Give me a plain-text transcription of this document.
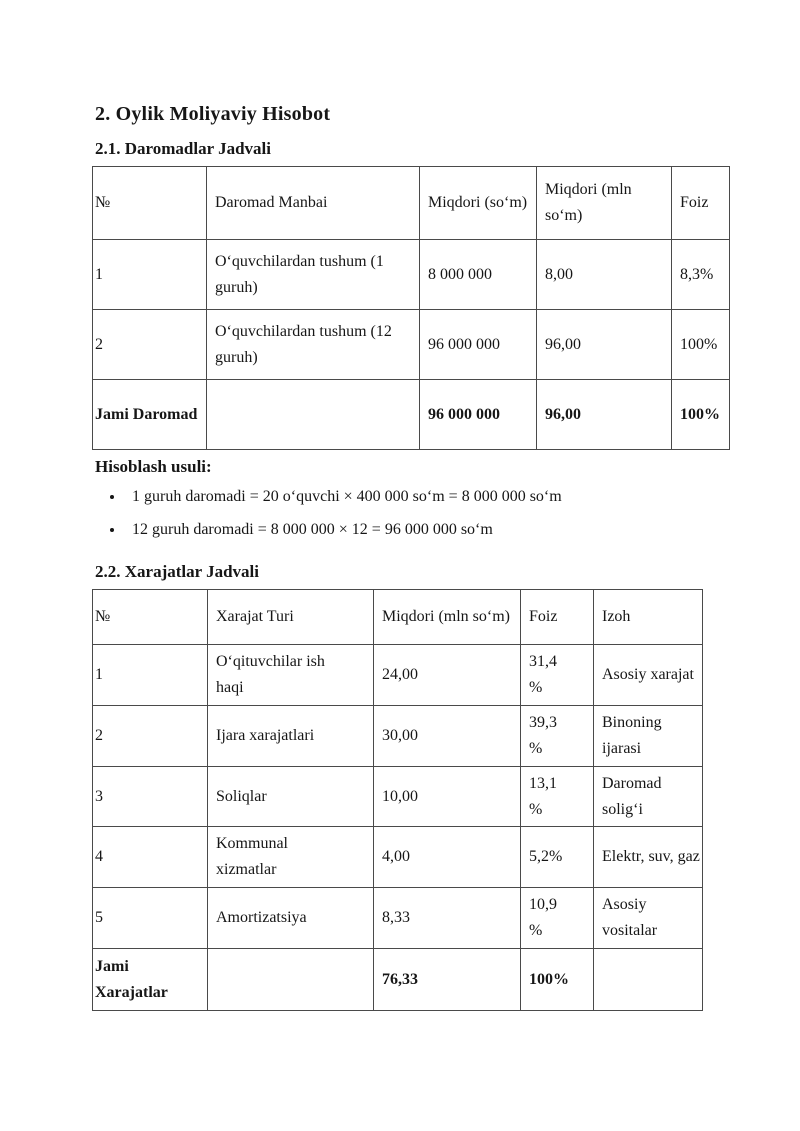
2. Oylik Moliyaviy Hisobot
2.1. Daromadlar Jadvali
№	Daromad Manbai	Miqdori (so‘m)	Miqdori (mln so‘m)	Foiz
1	O‘quvchilardan tushum (1 guruh)	8 000 000	8,00	8,3%
2	O‘quvchilardan tushum (12 guruh)	96 000 000	96,00	100%
Jami Daromad		96 000 000	96,00	100%
Hisoblash usuli:
• 1 guruh daromadi = 20 o‘quvchi × 400 000 so‘m = 8 000 000 so‘m
• 12 guruh daromadi = 8 000 000 × 12 = 96 000 000 so‘m
2.2. Xarajatlar Jadvali
№	Xarajat Turi	Miqdori (mln so‘m)	Foiz	Izoh
1	O‘qituvchilar ish haqi	24,00	31,4 %	Asosiy xarajat
2	Ijara xarajatlari	30,00	39,3 %	Binoning ijarasi
3	Soliqlar	10,00	13,1 %	Daromad solig‘i
4	Kommunal xizmatlar	4,00	5,2%	Elektr, suv, gaz
5	Amortizatsiya	8,33	10,9 %	Asosiy vositalar
Jami Xarajatlar		76,33	100%	
